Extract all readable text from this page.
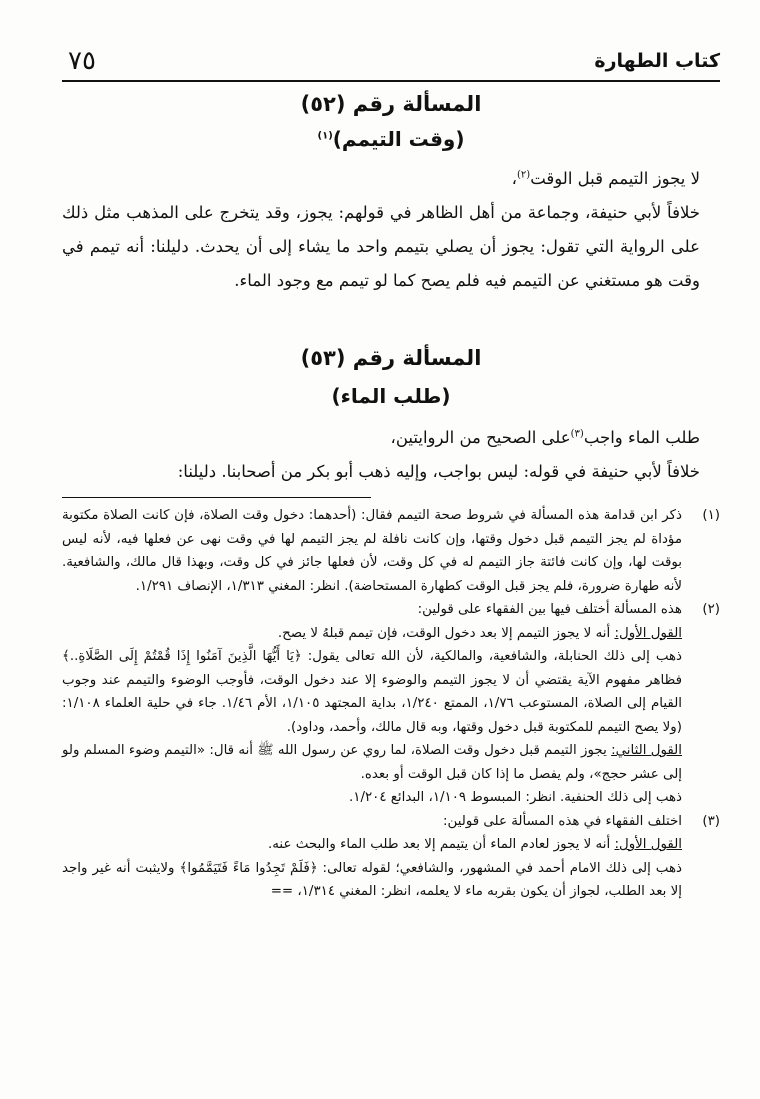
كتاب الطهارة
٧٥

المسألة رقم (٥٢)

(وقت التيمم)$^{(١)}$

لا يجوز التيمم قبل الوقت$^{(٢)}$،

خلافاً لأبي حنيفة، وجماعة من أهل الظاهر في قولهم: يجوز، وقد يتخرج على المذهب مثل ذلك على الرواية التي تقول: يجوز أن يصلي بتيمم واحد ما يشاء إلى أن يحدث. دليلنا: أنه تيمم في وقت هو مستغني عن التيمم فيه فلم يصح كما لو تيمم مع وجود الماء.

المسألة رقم (٥٣)

(طلب الماء)

طلب الماء واجب$^{(٣)}$على الصحيح من الروايتين،

خلافاً لأبي حنيفة في قوله: ليس بواجب، وإليه ذهب أبو بكر من أصحابنا. دليلنا:

(١)

ذكر ابن قدامة هذه المسألة في شروط صحة التيمم فقال: (أحدهما: دخول وقت الصلاة، فإن كانت الصلاة مكتوبة مؤداة لم يجز التيمم قبل دخول وقتها، وإن كانت نافلة لم يجز التيمم لها في وقت نهى عن فعلها فيه، لأنه ليس بوقت لها، وإن كانت فائتة جاز التيمم له في كل وقت، لأن فعلها جائز في كل وقت، وبهذا قال مالك، والشافعية. لأنه طهارة ضرورة، فلم يجز قبل الوقت كطهارة المستحاضة). انظر: المغني ١/٣١٣، الإنصاف ١/٢٩١.

(٢)

هذه المسألة أختلف فيها بين الفقهاء على قولين:

القول الأول: أنه لا يجوز التيمم إلا بعد دخول الوقت، فإن تيمم قبلهُ لا يصح.

ذهب إلى ذلك الحنابلة، والشافعية، والمالكية، لأن الله تعالى يقول: ﴿يَا أَيُّهَا الَّذِينَ آمَنُوا إِذَا قُمْتُمْ إِلَى الصَّلَاةِ..﴾ فظاهر مفهوم الآية يقتضي أن لا يجوز التيمم والوضوء إلا عند دخول الوقت، فأوجب الوضوء والتيمم عند وجوب القيام إلى الصلاة، المستوعب ١/٧٦، الممتع ١/٢٤٠، بداية المجتهد ١/١٠٥، الأم ١/٤٦. جاء في حلية العلماء ١/١٠٨: (ولا يصح التيمم للمكتوبة قبل دخول وقتها، وبه قال مالك، وأحمد، وداود).

القول الثاني: يجوز التيمم قبل دخول وقت الصلاة، لما روي عن رسول الله ﷺ أنه قال: «التيمم وضوء المسلم ولو إلى عشر حجج»، ولم يفصل ما إذا كان قبل الوقت أو بعده.

ذهب إلى ذلك الحنفية. انظر: المبسوط ١/١٠٩، البدائع ١/٢٠٤.

(٣)

اختلف الفقهاء في هذه المسألة على قولين:

القول الأول: أنه لا يجوز لعادم الماء أن يتيمم إلا بعد طلب الماء والبحث عنه.

ذهب إلى ذلك الامام أحمد في المشهور، والشافعي؛ لقوله تعالى: ﴿فَلَمْ تَجِدُوا مَاءً فَتَيَمَّمُوا﴾ ولايثبت أنه غير واجد إلا بعد الطلب، لجواز أن يكون بقربه ماء لا يعلمه، انظر: المغني ١/٣١٤، ==
